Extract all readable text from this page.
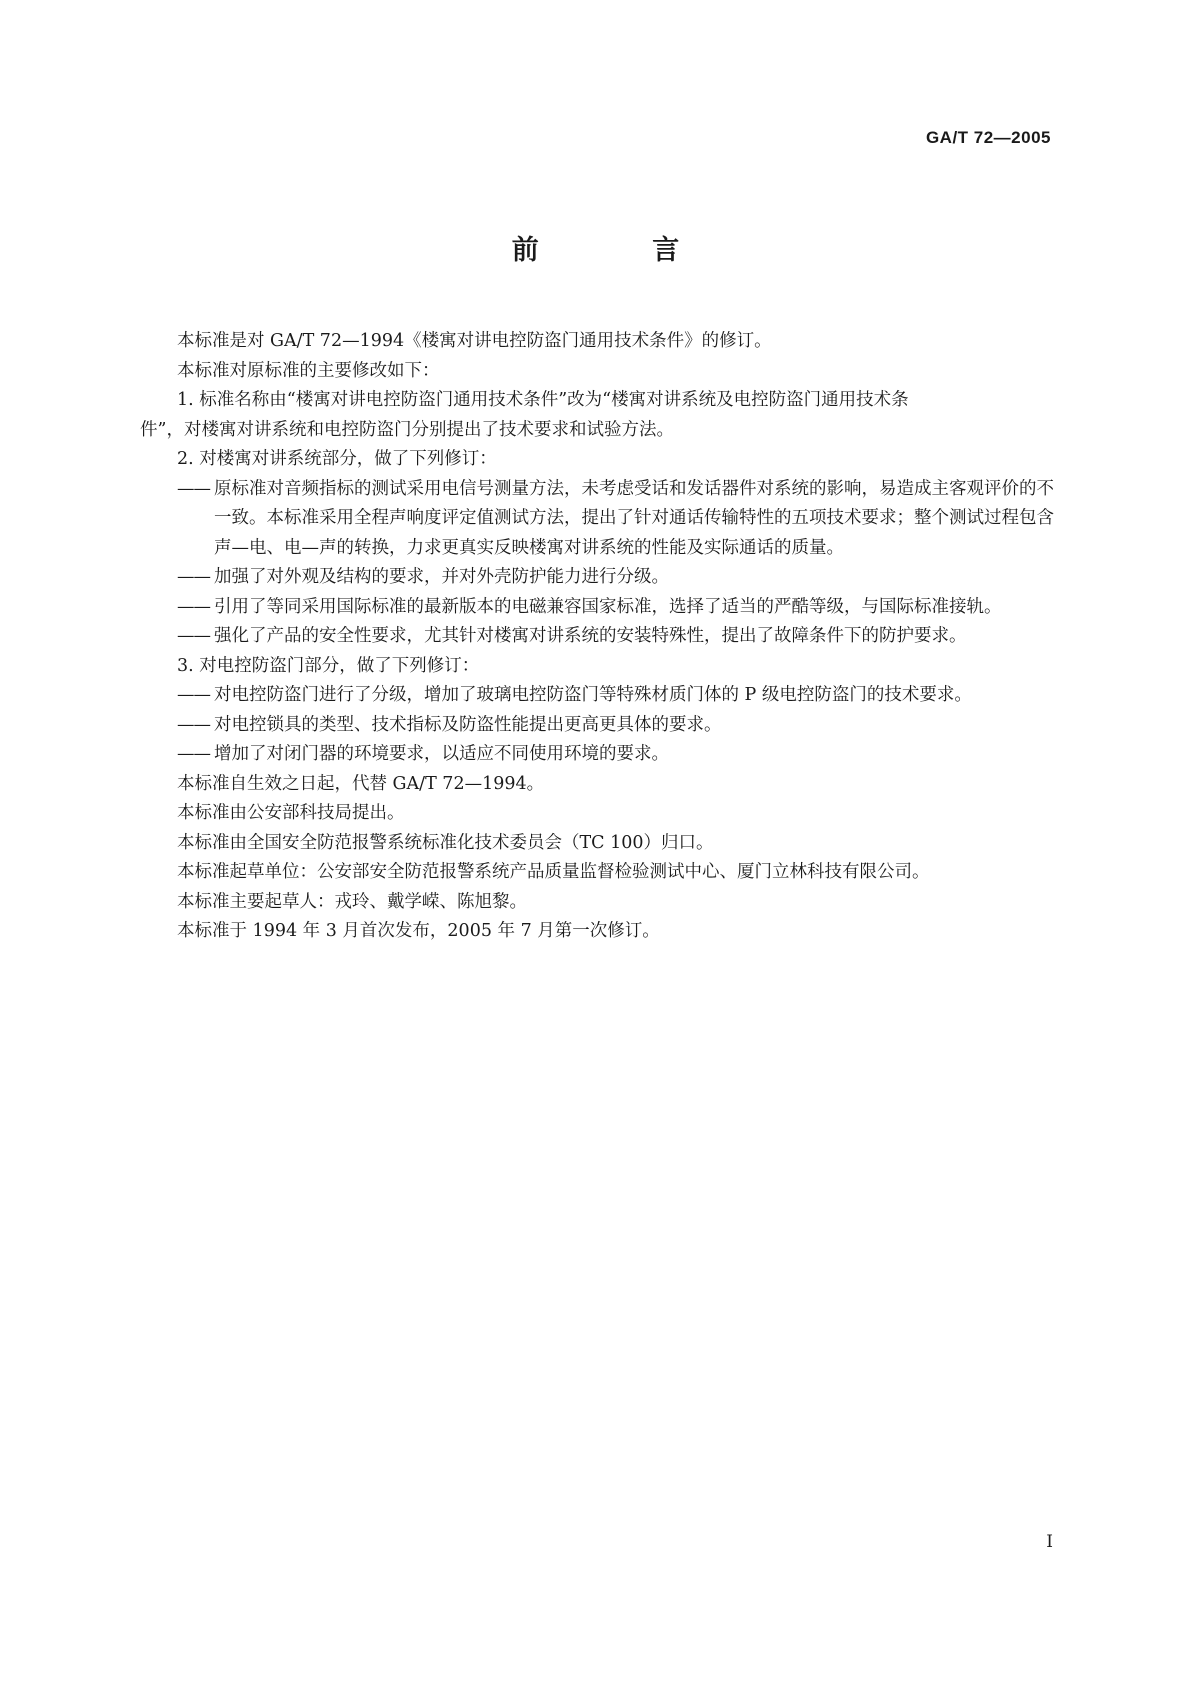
GA/T 72—2005
前 言

本标准是对 GA/T 72—1994《楼寓对讲电控防盗门通用技术条件》的修订。

本标准对原标准的主要修改如下：

1. 标准名称由“楼寓对讲电控防盗门通用技术条件”改为“楼寓对讲系统及电控防盗门通用技术条
件”，对楼寓对讲系统和电控防盗门分别提出了技术要求和试验方法。

2. 对楼寓对讲系统部分，做了下列修订：

—— 原标准对音频指标的测试采用电信号测量方法，未考虑受话和发话器件对系统的影响，易造成主客观评价的不一致。本标准采用全程声响度评定值测试方法，提出了针对通话传输特性的五项技术要求；整个测试过程包含声—电、电—声的转换，力求更真实反映楼寓对讲系统的性能及实际通话的质量。
—— 加强了对外观及结构的要求，并对外壳防护能力进行分级。
—— 引用了等同采用国际标准的最新版本的电磁兼容国家标准，选择了适当的严酷等级，与国际标准接轨。
—— 强化了产品的安全性要求，尤其针对楼寓对讲系统的安装特殊性，提出了故障条件下的防护要求。

3. 对电控防盗门部分，做了下列修订：

—— 对电控防盗门进行了分级，增加了玻璃电控防盗门等特殊材质门体的 P 级电控防盗门的技术要求。
—— 对电控锁具的类型、技术指标及防盗性能提出更高更具体的要求。
—— 增加了对闭门器的环境要求，以适应不同使用环境的要求。

本标准自生效之日起，代替 GA/T 72—1994。

本标准由公安部科技局提出。

本标准由全国安全防范报警系统标准化技术委员会（TC 100）归口。

本标准起草单位：公安部安全防范报警系统产品质量监督检验测试中心、厦门立林科技有限公司。

本标准主要起草人：戎玲、戴学嵘、陈旭黎。

本标准于 1994 年 3 月首次发布，2005 年 7 月第一次修订。

I
